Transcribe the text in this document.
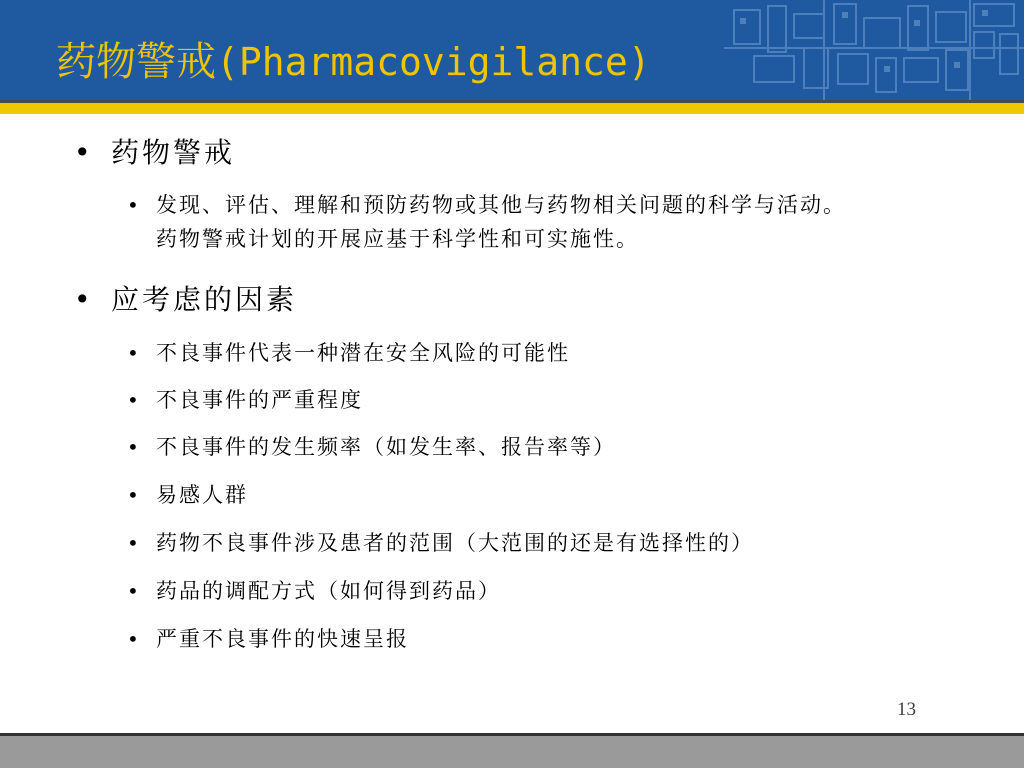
药物警戒(Pharmacovigilance)
• 药物警戒
• 发现、评估、理解和预防药物或其他与药物相关问题的科学与活动。
药物警戒计划的开展应基于科学性和可实施性。
• 应考虑的因素
• 不良事件代表一种潜在安全风险的可能性
• 不良事件的严重程度
• 不良事件的发生频率（如发生率、报告率等）
• 易感人群
• 药物不良事件涉及患者的范围（大范围的还是有选择性的）
• 药品的调配方式（如何得到药品）
• 严重不良事件的快速呈报
13
